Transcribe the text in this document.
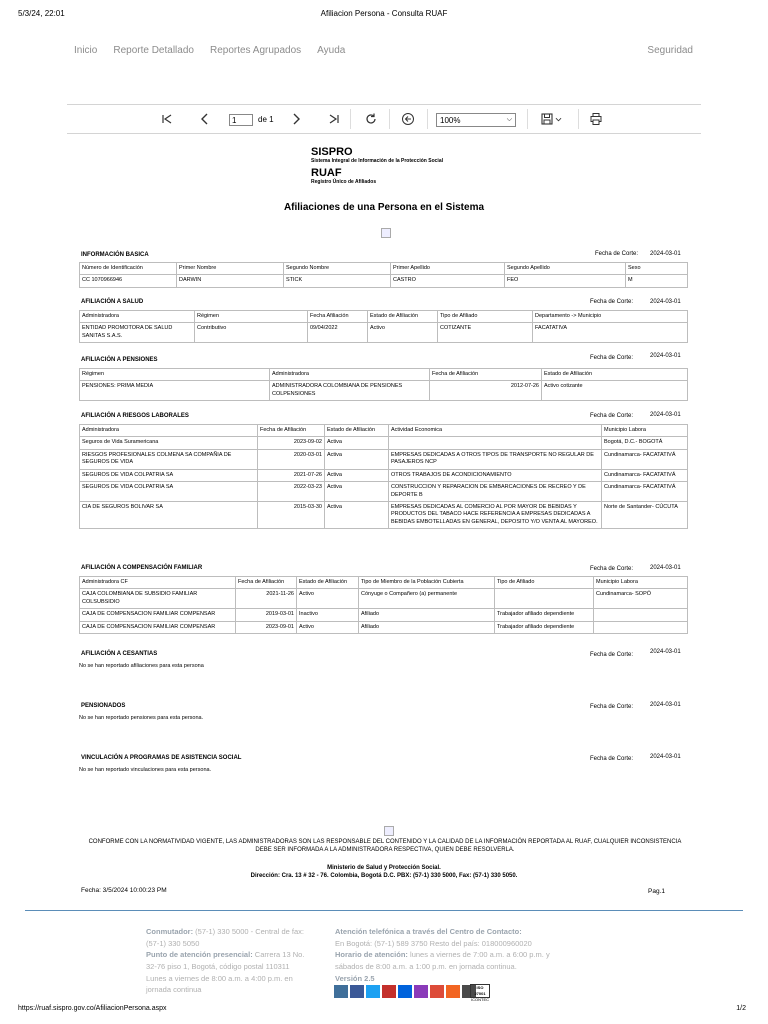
5/3/24, 22:01	Afiliacion Persona - Consulta RUAF
Inicio Reporte Detallado Reportes Agrupados Ayuda	Seguridad
1
de 1	100%	⌵
SISPRO
Sistema Integral de Información de la Protección Social
RUAF
Registro Único de Afiliados
Afiliaciones de una Persona en el Sistema
INFORMACIÓN BASICA	Fecha de Corte: 2024-03-01
Número de Identificación	Primer Nombre	Segundo Nombre	Primer Apellido	Segundo Apellido	Sexo
CC 1070966946	DARWIN	STICK	CASTRO	FEO	M
AFILIACIÓN A SALUD	Fecha de Corte:	2024-03-01
Administradora	Régimen	Fecha Afiliación	Estado de Afiliación	Tipo de Afiliado	Departamento -> Municipio
ENTIDAD PROMOTORA DE SALUD SANITAS S.A.S.	Contributivo	09/04/2022	Activo	COTIZANTE	FACATATIVA
AFILIACIÓN A PENSIONES	Fecha de Corte:	2024-03-01
Régimen	Administradora	Fecha de Afiliación	Estado de Afiliación
PENSIONES: PRIMA MEDIA	ADMINISTRADORA COLOMBIANA DE PENSIONES COLPENSIONES	2012-07-26	Activo cotizante
AFILIACIÓN A RIESGOS LABORALES	Fecha de Corte:	2024-03-01
Administradora	Fecha de Afiliación	Estado de Afiliación	Actividad Economica	Municipio Labora
Seguros de Vida Suramericana	2023-09-02	Activa		Bogotá, D.C.- BOGOTÁ
RIESGOS PROFESIONALES COLMENA SA COMPAÑIA DE SEGUROS DE VIDA	2020-03-01	Activa	EMPRESAS DEDICADAS A OTROS TIPOS DE TRANSPORTE NO REGULAR DE PASAJEROS NCP	Cundinamarca- FACATATIVÁ
SEGUROS DE VIDA COLPATRIA SA	2021-07-26	Activa	OTROS TRABAJOS DE ACONDICIONAMIENTO	Cundinamarca- FACATATIVÁ
SEGUROS DE VIDA COLPATRIA SA	2022-03-23	Activa	CONSTRUCCION Y REPARACION DE EMBARCACIONES DE RECREO Y DE DEPORTE B	Cundinamarca- FACATATIVÁ
CIA DE SEGUROS BOLIVAR SA	2015-03-30	Activa	EMPRESAS DEDICADAS AL COMERCIO AL POR MAYOR DE BEBIDAS Y PRODUCTOS DEL TABACO HACE REFERENCIA A EMPRESAS DEDICADAS A BEBIDAS EMBOTELLADAS EN GENERAL, DEPOSITO Y/O VENTA AL MAYOREO.	Norte de Santander- CÚCUTA
AFILIACIÓN A COMPENSACIÓN FAMILIAR	Fecha de Corte:	2024-03-01
Administradora CF	Fecha de Afiliación	Estado de Afiliación	Tipo de Miembro de la Población Cubierta	Tipo de Afiliado	Municipio Labora
CAJA COLOMBIANA DE SUBSIDIO FAMILIAR COLSUBSIDIO	2021-11-26	Activo	Cónyuge o Compañero (a) permanente		Cundinamarca- SOPÓ
CAJA DE COMPENSACION FAMILIAR COMPENSAR	2019-03-01	Inactivo	Afiliado	Trabajador afiliado dependiente	
CAJA DE COMPENSACION FAMILIAR COMPENSAR	2023-09-01	Activo	Afiliado	Trabajador afiliado dependiente	
AFILIACIÓN A CESANTIAS	Fecha de Corte:	2024-03-01
No se han reportado afiliaciones para esta persona
PENSIONADOS	Fecha de Corte:	2024-03-01
No se han reportado pensiones para esta persona.
VINCULACIÓN A PROGRAMAS DE ASISTENCIA SOCIAL	Fecha de Corte:	2024-03-01
No se han reportado vinculaciones para esta persona.
CONFORME CON LA NORMATIVIDAD VIGENTE, LAS ADMINISTRADORAS SON LAS RESPONSABLE DEL CONTENIDO Y LA CALIDAD DE LA INFORMACIÓN REPORTADA AL RUAF, CUALQUIER INCONSISTENCIA DEBE SER INFORMADA A LA ADMINISTRADORA RESPECTIVA, QUIEN DEBE RESOLVERLA.
Ministerio de Salud y Protección Social.
Dirección: Cra. 13 # 32 - 76. Colombia, Bogotá D.C. PBX: (57-1) 330 5000, Fax: (57-1) 330 5050.
Fecha: 3/5/2024 10:00:23 PM	Pag.1
Conmutador: (57-1) 330 5000 - Central de fax: (57-1) 330 5050
Punto de atención presencial: Carrera 13 No. 32-76 piso 1, Bogotá, código postal 110311
Lunes a viernes de 8:00 a.m. a 4:00 p.m. en jornada continua
Atención telefónica a través del Centro de Contacto:
En Bogotá: (57-1) 589 3750 Resto del país: 018000960020
Horario de atención: lunes a viernes de 7:00 a.m. a 6:00 p.m. y sábados de 8:00 a.m. a 1:00 p.m. en jornada continua.
Versión 2.5
ISO 27001
ICONTEC
https://ruaf.sispro.gov.co/AfiliacionPersona.aspx	1/2
